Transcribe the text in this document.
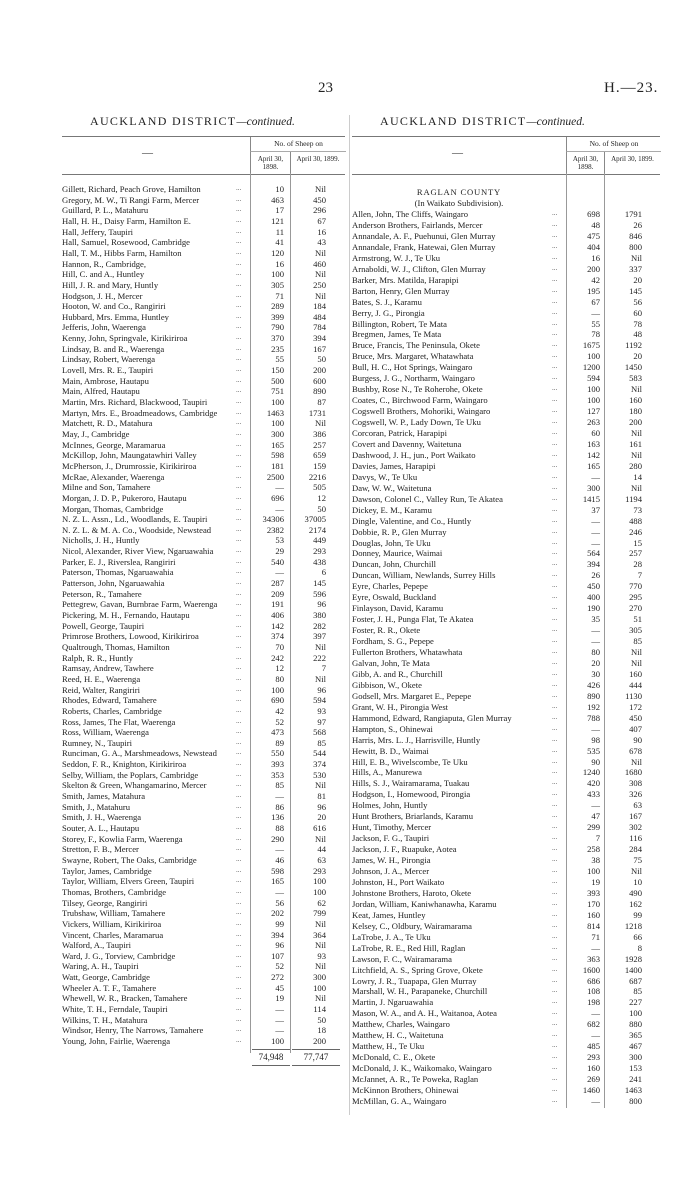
23	H.—23.
AUCKLAND DISTRICT—continued.
—
No. of Sheep on
April 30, 1898.
April 30, 1899.
Gillett, Richard, Peach Grove, Hamilton	10	Nil
...
Gregory, M. W., Ti Rangi Farm, Mercer	463	450
...
Guillard, P. L., Matahuru	17	296
...
Hall, H. H., Daisy Farm, Hamilton E.	121	67
...
Hall, Jeffery, Taupiri	11	16
...
Hall, Samuel, Rosewood, Cambridge	41	43
...
Hall, T. M., Hibbs Farm, Hamilton	120	Nil
...
Hannon, R., Cambridge,	16	460
...
Hill, C. and A., Huntley	100	Nil
...
Hill, J. R. and Mary, Huntly	305	250
...
Hodgson, J. H., Mercer	71	Nil
...
Hooton, W. and Co., Rangiriri	289	184
...
Hubbard, Mrs. Emma, Huntley	399	484
...
Jefferis, John, Waerenga	790	784
...
Kenny, John, Springvale, Kirikiriroa	370	394
...
Lindsay, B. and R., Waerenga	235	167
...
Lindsay, Robert, Waerenga	55	50
...
Lovell, Mrs. R. E., Taupiri	150	200
...
Main, Ambrose, Hautapu	500	600
...
Main, Alfred, Hautapu	751	890
...
Martin, Mrs. Richard, Blackwood, Taupiri	100	87
...
Martyn, Mrs. E., Broadmeadows, Cambridge	1463	1731
...
Matchett, R. D., Matahura	100	Nil
...
May, J., Cambridge	300	386
...
McInnes, George, Maramarua	165	257
...
McKillop, John, Maungatawhiri Valley	598	659
...
McPherson, J., Drumrossie, Kirikiriroa	181	159
...
McRae, Alexander, Waerenga	2500	2216
...
Milne and Son, Tamahere	—	505
...
Morgan, J. D. P., Pukeroro, Hautapu	696	12
...
Morgan, Thomas, Cambridge	—	50
...
N. Z. L. Assn., Ld., Woodlands, E. Taupiri	34306	37005
...
N. Z. L. & M. A. Co., Woodside, Newstead	2382	2174
...
Nicholls, J. H., Huntly	53	449
...
Nicol, Alexander, River View, Ngaruawahia	29	293
...
Parker, E. J., Riverslea, Rangiriri	540	438
...
Paterson, Thomas, Ngaruawahia	—	6
...
Patterson, John, Ngaruawahia	287	145
...
Peterson, R., Tamahere	209	596
...
Pettegrew, Gavan, Burnbrae Farm, Waerenga	191	96
...
Pickering, M. H., Fernando, Hautapu	406	380
...
Powell, George, Taupiri	142	282
...
Primrose Brothers, Lowood, Kirikiriroa	374	397
...
Qualtrough, Thomas, Hamilton	70	Nil
...
Ralph, R. R., Huntly	242	222
...
Ramsay, Andrew, Tawhere	12	7
...
Reed, H. E., Waerenga	80	Nil
...
Reid, Walter, Rangiriri	100	96
...
Rhodes, Edward, Tamahere	690	594
...
Roberts, Charles, Cambridge	42	93
...
Ross, James, The Flat, Waerenga	52	97
...
Ross, William, Waerenga	473	568
...
Rumney, N., Taupiri	89	85
...
Runciman, G. A., Marshmeadows, Newstead	550	544
...
Seddon, F. R., Knighton, Kirikiriroa	393	374
...
Selby, William, the Poplars, Cambridge	353	530
...
Skelton & Green, Whangamarino, Mercer	85	Nil
...
Smith, James, Matahura	—	81
...
Smith, J., Matahuru	86	96
...
Smith, J. H., Waerenga	136	20
...
Souter, A. L., Hautapu	88	616
...
Storey, F., Kowlia Farm, Waerenga	290	Nil
...
Stretton, F. B., Mercer	—	44
...
Swayne, Robert, The Oaks, Cambridge	46	63
...
Taylor, James, Cambridge	598	293
...
Taylor, William, Elvers Green, Taupiri	165	100
...
Thomas, Brothers, Cambridge	—	100
...
Tilsey, George, Rangiriri	56	62
...
Trubshaw, William, Tamahere	202	799
...
Vickers, William, Kirikiriroa	99	Nil
...
Vincent, Charles, Maramarua	394	364
...
Walford, A., Taupiri	96	Nil
...
Ward, J. G., Torview, Cambridge	107	93
...
Waring, A. H., Taupiri	52	Nil
...
Watt, George, Cambridge	272	300
...
Wheeler A. T. F., Tamahere	45	100
...
Whewell, W. R., Bracken, Tamahere	19	Nil
...
White, T. H., Ferndale, Taupiri	—	114
...
Wilkins, T. H., Matahura	—	50
...
Windsor, Henry, The Narrows, Tamahere	—	18
...
Young, John, Fairlie, Waerenga	100	200
...
74,948	77,747
AUCKLAND DISTRICT—continued.
—
No. of Sheep on
April 30, 1898.
April 30, 1899.
RAGLAN COUNTY
(In Waikato Subdivision).
Allen, John, The Cliffs, Waingaro	698	1791
...
Anderson Brothers, Fairlands, Mercer	48	26
...
Annandale, A. F., Puehunui, Glen Murray	475	846
...
Annandale, Frank, Hatewai, Glen Murray	404	800
...
Armstrong, W. J., Te Uku	16	Nil
...
Arnaboldi, W. J., Clifton, Glen Murray	200	337
...
Barker, Mrs. Matilda, Harapipi	42	20
...
Barton, Henry, Glen Murray	195	145
...
Bates, S. J., Karamu	67	56
...
Berry, J. G., Pirongia	—	60
...
Billington, Robert, Te Mata	55	78
...
Bregmen, James, Te Mata	78	48
...
Bruce, Francis, The Peninsula, Okete	1675	1192
...
Bruce, Mrs. Margaret, Whatawhata	100	20
...
Bull, H. C., Hot Springs, Waingaro	1200	1450
...
Burgess, J. G., Northarm, Waingaro	594	583
...
Bushby, Rose N., Te Roherohe, Okete	100	Nil
...
Coates, C., Birchwood Farm, Waingaro	100	160
...
Cogswell Brothers, Mohoriki, Waingaro	127	180
...
Cogswell, W. P., Lady Down, Te Uku	263	200
...
Corcoran, Patrick, Harapipi	60	Nil
...
Covert and Davenny, Waitetuna	163	161
...
Dashwood, J. H., jun., Port Waikato	142	Nil
...
Davies, James, Harapipi	165	280
...
Davys, W., Te Uku	—	14
...
Daw, W. W., Waitetuna	300	Nil
...
Dawson, Colonel C., Valley Run, Te Akatea	1415	1194
...
Dickey, E. M., Karamu	37	73
...
Dingle, Valentine, and Co., Huntly	—	488
...
Dobbie, R. P., Glen Murray	—	246
...
Douglas, John, Te Uku	—	15
...
Donney, Maurice, Waimai	564	257
...
Duncan, John, Churchill	394	28
...
Duncan, William, Newlands, Surrey Hills	26	7
...
Eyre, Charles, Pepepe	450	770
...
Eyre, Oswald, Buckland	400	295
...
Finlayson, David, Karamu	190	270
...
Foster, J. H., Punga Flat, Te Akatea	35	51
...
Foster, R. R., Okete	—	305
...
Fordham, S. G., Pepepe	—	85
...
Fullerton Brothers, Whatawhata	80	Nil
...
Galvan, John, Te Mata	20	Nil
...
Gibb, A. and R., Churchill	30	160
...
Gibbison, W., Okete	426	444
...
Godsell, Mrs. Margaret E., Pepepe	890	1130
...
Grant, W. H., Pirongia West	192	172
...
Hammond, Edward, Rangiaputa, Glen Murray	788	450
...
Hampton, S., Ohinewai	—	407
...
Harris, Mrs. L. J., Harrisville, Huntly	98	90
...
Hewitt, B. D., Waimai	535	678
...
Hill, E. B., Wivelscombe, Te Uku	90	Nil
...
Hills, A., Manurewa	1240	1680
...
Hills, S. J., Wairamarama, Tuakau	420	308
...
Hodgson, I., Homewood, Pirongia	433	326
...
Holmes, John, Huntly	—	63
...
Hunt Brothers, Briarlands, Karamu	47	167
...
Hunt, Timothy, Mercer	299	302
...
Jackson, F. G., Taupiri	7	116
...
Jackson, J. F., Ruapuke, Aotea	258	284
...
James, W. H., Pirongia	38	75
...
Johnson, J. A., Mercer	100	Nil
...
Johnston, H., Port Waikato	19	10
...
Johnstone Brothers, Haroto, Okete	393	490
...
Jordan, William, Kaniwhanawha, Karamu	170	162
...
Keat, James, Huntley	160	99
...
Kelsey, C., Oldbury, Wairamarama	814	1218
...
LaTrobe, J. A., Te Uku	71	66
...
LaTrobe, R. E., Red Hill, Raglan	—	8
...
Lawson, F. C., Wairamarama	363	1928
...
Litchfield, A. S., Spring Grove, Okete	1600	1400
...
Lowry, J. R., Tuapapa, Glen Murray	686	687
...
Marshall, W. H., Parapaneke, Churchill	108	85
...
Martin, J. Ngaruawahia	198	227
...
Mason, W. A., and A. H., Waitanoa, Aotea	—	100
...
Matthew, Charles, Waingaro	682	880
...
Matthew, H. C., Waitetuna	—	365
...
Matthew, H., Te Uku	485	467
...
McDonald, C. E., Okete	293	300
...
McDonald, J. K., Waikomako, Waingaro	160	153
...
McJannet, A. R., Te Poweka, Raglan	269	241
...
McKinnon Brothers, Ohinewai	1460	1463
...
McMillan, G. A., Waingaro	—	800
...
